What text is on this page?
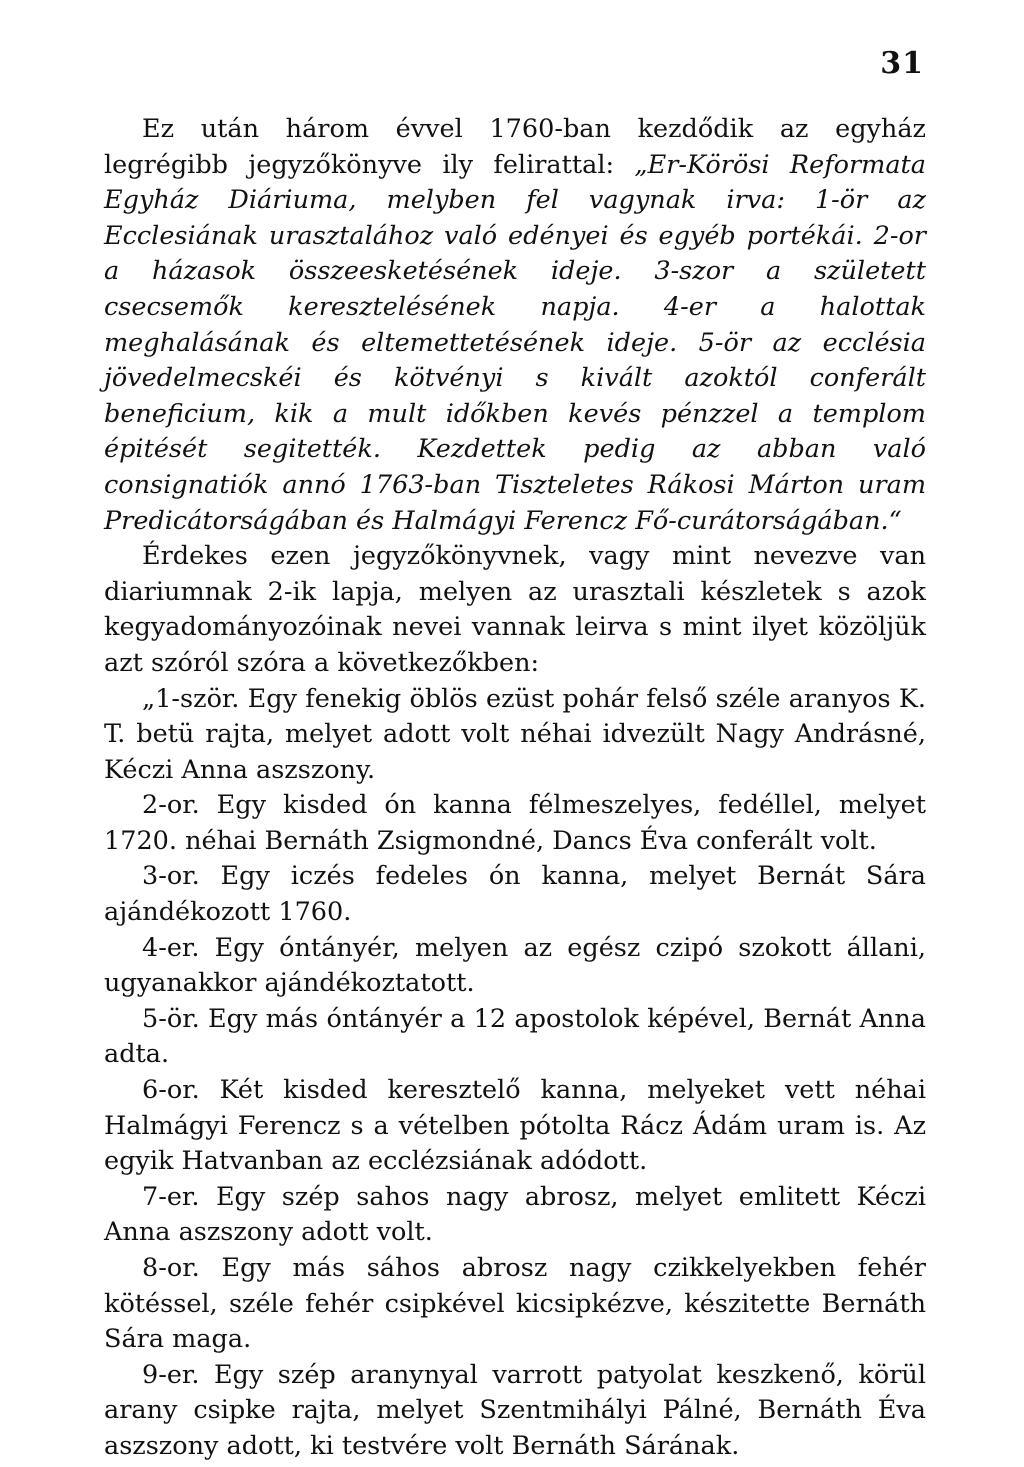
31

Ez után három évvel 1760-ban kezdődik az egyház legrégibb jegyzőkönyve ily felirattal: „Er-Körösi Reformata Egyház Diáriuma, melyben fel vagynak irva: 1-ör az Ecclesiának urasztalához való edényei és egyéb portékái. 2-or a házasok összeesketésének ideje. 3-szor a született csecsemők keresztelésének napja. 4-er a halottak meghalásának és eltemettetésének ideje. 5-ör az ecclésia jövedelmecskéi és kötvényi s kivált azoktól conferált beneficium, kik a mult időkben kevés pénzzel a templom épitését segitették. Kezdettek pedig az abban való consignatiók annó 1763-ban Tiszteletes Rákosi Márton uram Predicátorságában és Halmágyi Ferencz Fő-curátorságában.“

Érdekes ezen jegyzőkönyvnek, vagy mint nevezve van diariumnak 2-ik lapja, melyen az urasztali készletek s azok kegyadományozóinak nevei vannak leirva s mint ilyet közöljük azt szóról szóra a következőkben:

„1-ször. Egy fenekig öblös ezüst pohár felső széle aranyos K. T. betü rajta, melyet adott volt néhai idvezült Nagy Andrásné, Kéczi Anna aszszony.

2-or. Egy kisded ón kanna félmeszelyes, fedéllel, melyet 1720. néhai Bernáth Zsigmondné, Dancs Éva conferált volt.

3-or. Egy iczés fedeles ón kanna, melyet Bernát Sára ajándékozott 1760.

4-er. Egy óntányér, melyen az egész czipó szokott állani, ugyanakkor ajándékoztatott.

5-ör. Egy más óntányér a 12 apostolok képével, Bernát Anna adta.

6-or. Két kisded keresztelő kanna, melyeket vett néhai Halmágyi Ferencz s a vételben pótolta Rácz Ádám uram is. Az egyik Hatvanban az ecclézsiának adódott.

7-er. Egy szép sahos nagy abrosz, melyet emlitett Kéczi Anna aszszony adott volt.

8-or. Egy más sáhos abrosz nagy czikkelyekben fehér kötéssel, széle fehér csipkével kicsipkézve, készitette Bernáth Sára maga.

9-er. Egy szép aranynyal varrott patyolat keszkenő, körül arany csipke rajta, melyet Szentmihályi Pálné, Bernáth Éva aszszony adott, ki testvére volt Bernáth Sárának.
